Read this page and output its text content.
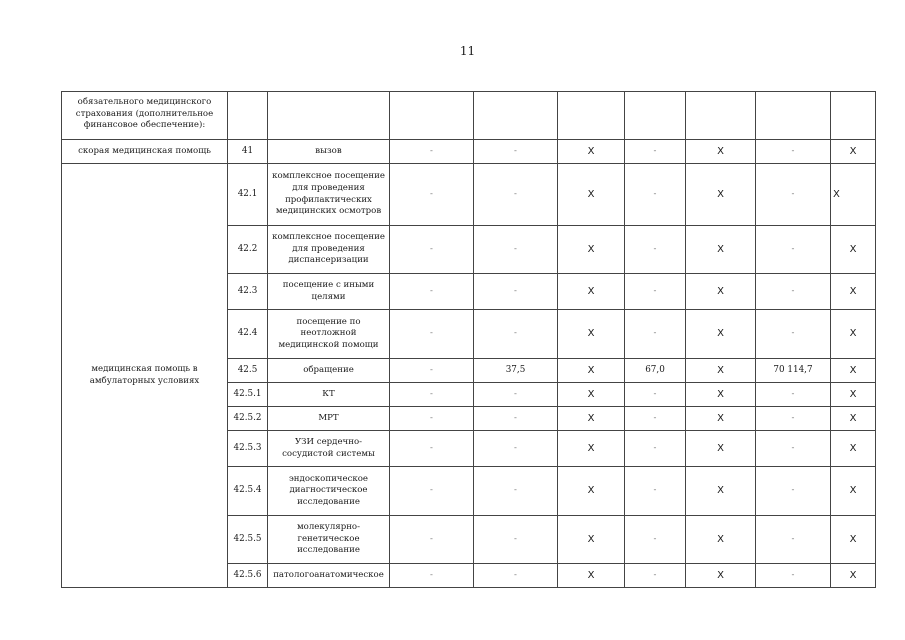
11
обязательного медицинского страхования (дополнительное финансовое обеспечение):									
скорая медицинская помощь	41	вызов	-	-	Х	-	Х	-	Х
медицинская помощь в амбулаторных условиях	42.1	комплексное посещение для проведения профилактических медицинских осмотров	-	-	Х	-	Х	-	Х
	42.2	комплексное посещение для проведения диспансеризации	-	-	Х	-	Х	-	Х
	42.3	посещение с иными целями	-	-	Х	-	Х	-	Х
	42.4	посещение по неотложной медицинской помощи	-	-	Х	-	Х	-	Х
	42.5	обращение	-	37,5	Х	67,0	Х	70 114,7	Х
	42.5.1	КТ	-	-	Х	-	Х	-	Х
	42.5.2	МРТ	-	-	Х	-	Х	-	Х
	42.5.3	УЗИ сердечно-сосудистой системы	-	-	Х	-	Х	-	Х
	42.5.4	эндоскопическое диагностическое исследование	-	-	Х	-	Х	-	Х
	42.5.5	молекулярно-генетическое исследование	-	-	Х	-	Х	-	Х
	42.5.6	патологоанатомическое	-	-	Х	-	Х	-	Х
